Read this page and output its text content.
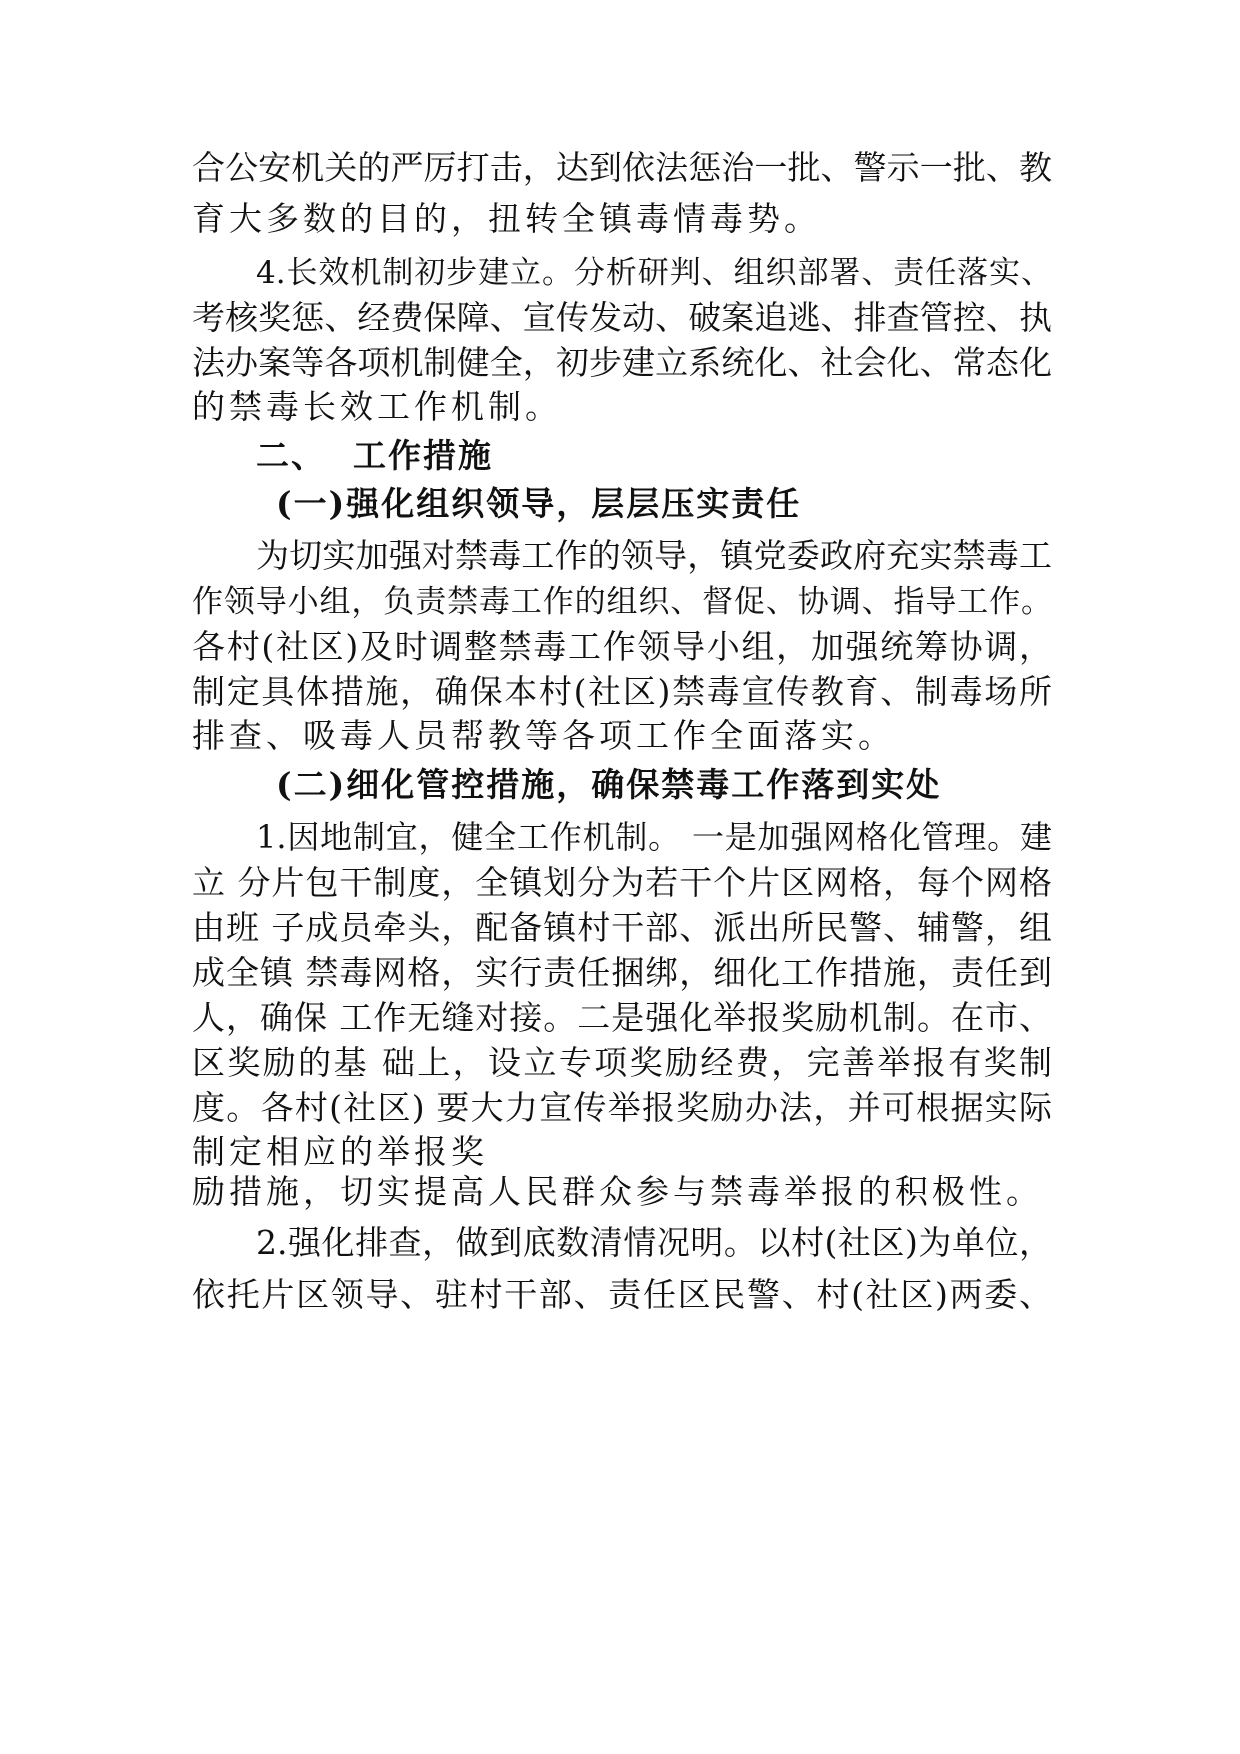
合公安机关的严厉打击，达到依法惩治一批、警示一批、教
育大多数的目的，扭转全镇毒情毒势。
4.长效机制初步建立。分析研判、组织部署、责任落实、
考核奖惩、经费保障、宣传发动、破案追逃、排查管控、执
法办案等各项机制健全，初步建立系统化、社会化、常态化
的禁毒长效工作机制。
二、  工作措施
(一)强化组织领导，层层压实责任
为切实加强对禁毒工作的领导，镇党委政府充实禁毒工
作领导小组，负责禁毒工作的组织、督促、协调、指导工作。
各村(社区)及时调整禁毒工作领导小组，加强统筹协调，
制定具体措施，确保本村(社区)禁毒宣传教育、制毒场所
排查、吸毒人员帮教等各项工作全面落实。
(二)细化管控措施，确保禁毒工作落到实处
1.因地制宜，健全工作机制。 一是加强网格化管理。建
立 分片包干制度，全镇划分为若干个片区网格，每个网格
由班 子成员牵头，配备镇村干部、派出所民警、辅警，组
成全镇 禁毒网格，实行责任捆绑，细化工作措施，责任到
人，确保 工作无缝对接。二是强化举报奖励机制。在市、
区奖励的基 础上，设立专项奖励经费，完善举报有奖制
度。各村(社区) 要大力宣传举报奖励办法，并可根据实际
制定相应的举报奖
励措施，切实提高人民群众参与禁毒举报的积极性。
2.强化排查，做到底数清情况明。以村(社区)为单位，
依托片区领导、驻村干部、责任区民警、村(社区)两委、
